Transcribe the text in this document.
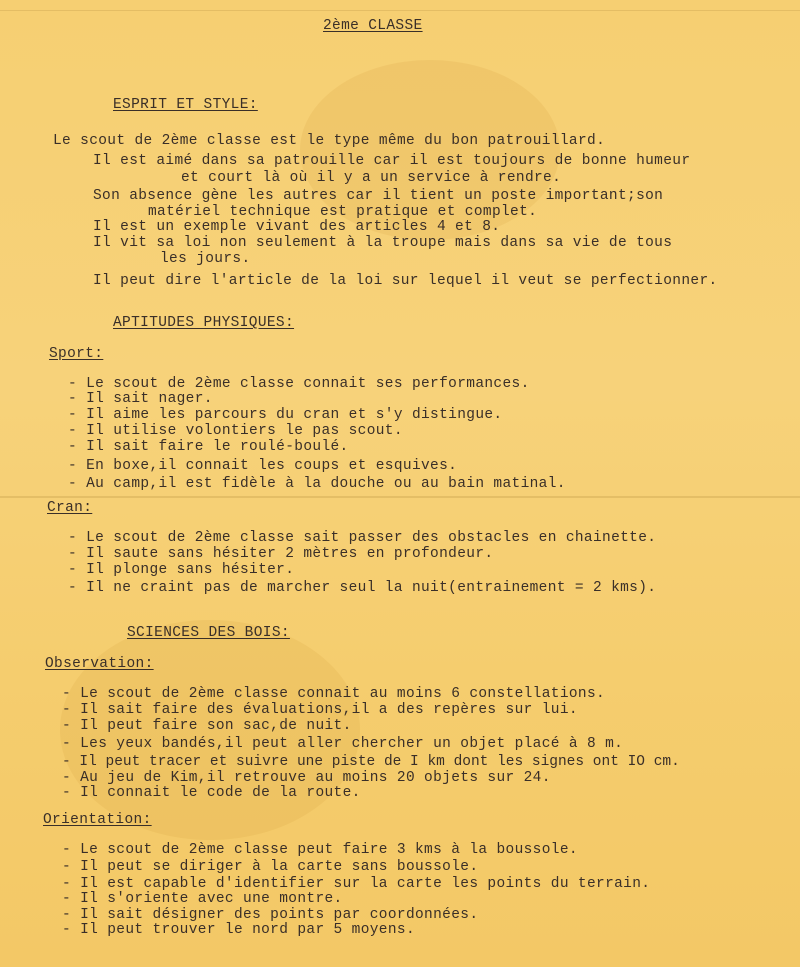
2ème CLASSE

ESPRIT ET STYLE:

Le scout de 2ème classe est le type même du bon patrouillard.

Il est aimé dans sa patrouille car il est toujours de bonne humeur

et court là où il y a un service à rendre.

Son absence gène les autres car il tient un poste important;son

matériel technique est pratique et complet.

Il est un exemple vivant des articles 4 et 8.

Il vit sa loi non seulement à la troupe mais dans sa vie de tous

les jours.

Il peut dire l'article de la loi sur lequel il veut se perfectionner.

APTITUDES PHYSIQUES:

Sport:

- Le scout de 2ème classe connait ses performances.

- Il sait nager.

- Il aime les parcours du cran et s'y distingue.

- Il utilise volontiers le pas scout.

- Il sait faire le roulé-boulé.

- En boxe,il connait les coups et esquives.

- Au camp,il est fidèle à la douche ou au bain matinal.

Cran:

- Le scout de 2ème classe sait passer des obstacles en chainette.

- Il saute sans hésiter 2 mètres en profondeur.

- Il plonge sans hésiter.

- Il ne craint pas de marcher seul la nuit(entrainement = 2 kms).

SCIENCES DES BOIS:

Observation:

- Le scout de 2ème classe connait au moins 6 constellations.

- Il sait faire des évaluations,il a des repères sur lui.

- Il peut faire son sac,de nuit.

- Les yeux bandés,il peut aller chercher un objet placé à 8 m.

- Il peut tracer et suivre une piste de I km dont les signes ont IO cm.

- Au jeu de Kim,il retrouve au moins 20 objets sur 24.

- Il connait le code de la route.

Orientation:

- Le scout de 2ème classe peut faire 3 kms à la boussole.

- Il peut se diriger à la carte sans boussole.

- Il est capable d'identifier sur la carte les points du terrain.

- Il s'oriente avec une montre.

- Il sait désigner des points par coordonnées.

- Il peut trouver le nord par 5 moyens.
